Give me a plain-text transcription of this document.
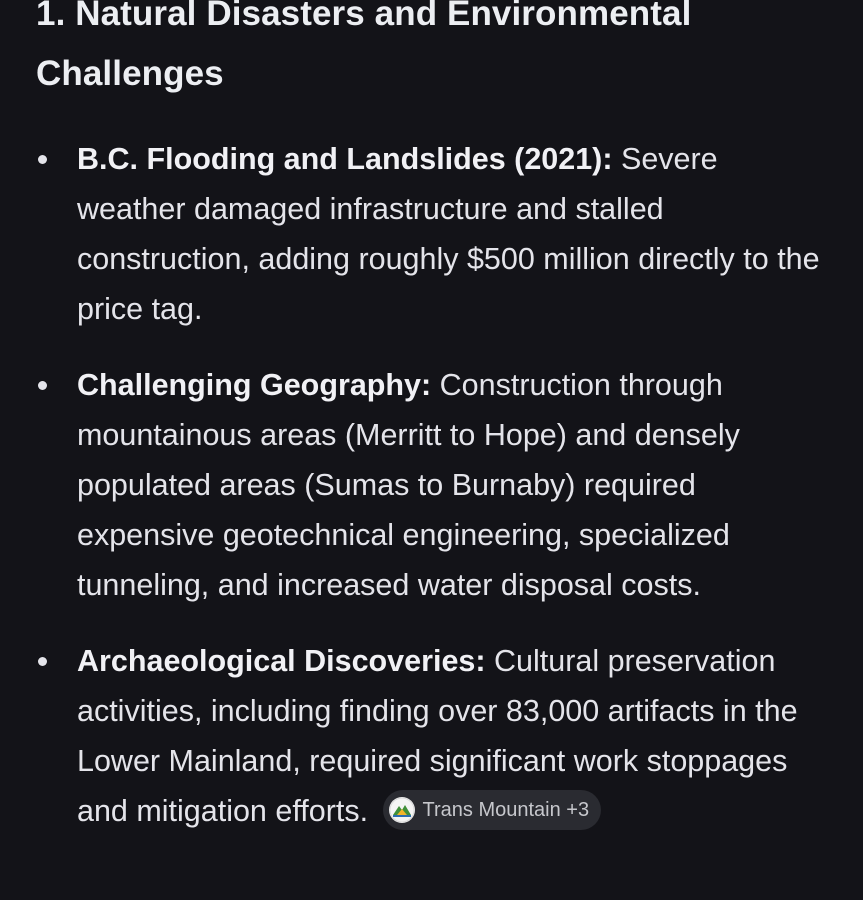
1. Natural Disasters and Environmental Challenges
B.C. Flooding and Landslides (2021): Severe weather damaged infrastructure and stalled construction, adding roughly $500 million directly to the price tag.
Challenging Geography: Construction through mountainous areas (Merritt to Hope) and densely populated areas (Sumas to Burnaby) required expensive geotechnical engineering, specialized tunneling, and increased water disposal costs.
Archaeological Discoveries: Cultural preservation activities, including finding over 83,000 artifacts in the Lower Mainland, required significant work stoppages and mitigation efforts.	Trans Mountain +3
